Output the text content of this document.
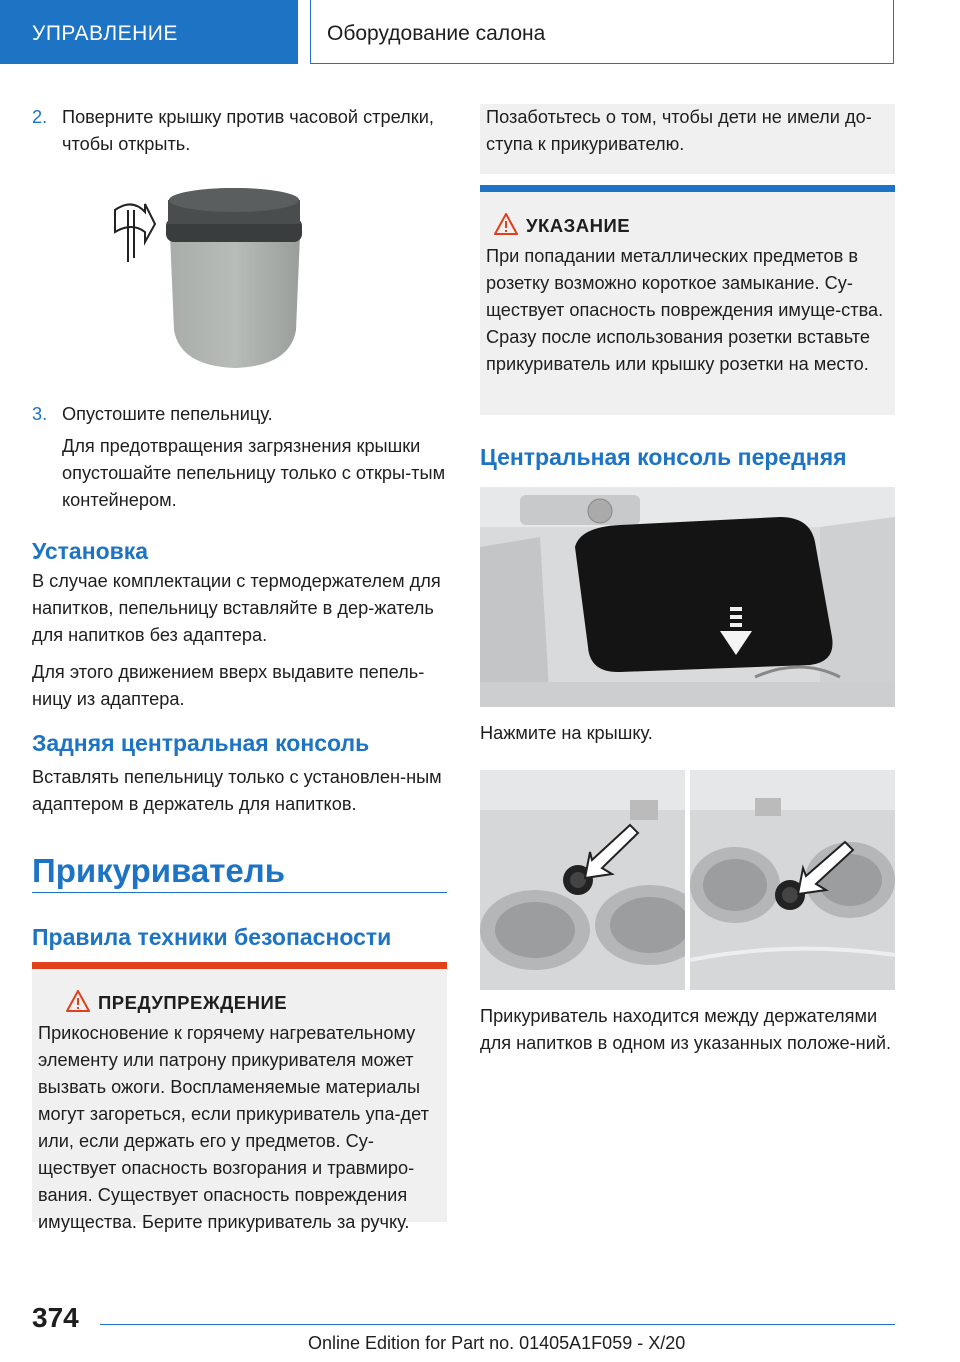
УПРАВЛЕНИЕ	Оборудование салона
2. Поверните крышку против часовой стрелки, чтобы открыть.

3. Опустошите пепельницу.

Для предотвращения загрязнения крышки опустошайте пепельницу только с откры-тым контейнером.

Установка

В случае комплектации с термодержателем для напитков, пепельницу вставляйте в дер-жатель для напитков без адаптера.

Для этого движением вверх выдавите пепель-ницу из адаптера.

Задняя центральная консоль

Вставлять пепельницу только с установлен-ным адаптером в держатель для напитков.

Прикуриватель
Правила техники безопасности
ПРЕДУПРЕЖДЕНИЕ

Прикосновение к горячему нагревательному элементу или патрону прикуривателя может вызвать ожоги. Воспламеняемые материалы могут загореться, если прикуриватель упа-дет или, если держать его у предметов. Су-ществует опасность возгорания и травмиро-вания. Существует опасность повреждения имущества. Берите прикуриватель за ручку.

Позаботьтесь о том, чтобы дети не имели до-ступа к прикуривателю.

УКАЗАНИЕ

При попадании металлических предметов в розетку возможно короткое замыкание. Су-ществует опасность повреждения имуще-ства. Сразу после использования розетки вставьте прикуриватель или крышку розетки на место.

Центральная консоль передняя

Нажмите на крышку.

Прикуриватель находится между держателями для напитков в одном из указанных положе-ний.

374
Online Edition for Part no. 01405A1F059 - X/20
